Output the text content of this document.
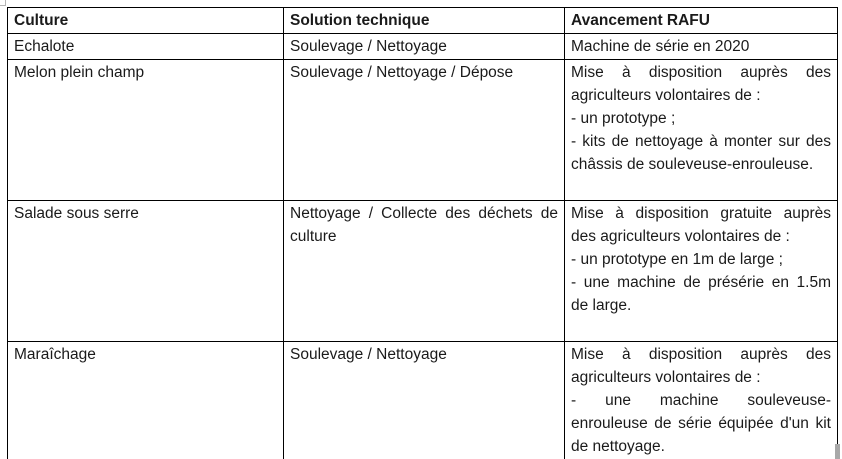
Culture	Solution technique	Avancement RAFU

Echalote	Soulevage / Nettoyage	Machine de série en 2020

Melon plein champ	Soulevage / Nettoyage / Dépose	Mise à disposition auprès des agriculteurs volontaires de :

- un prototype ;

- kits de nettoyage à monter sur des châssis de souleveuse-enrouleuse.

Salade sous serre	Nettoyage / Collecte des déchets de culture	Mise à disposition gratuite auprès des agriculteurs volontaires de :

- un prototype en 1m de large ;

- une machine de présérie en 1.5m de large.

Maraîchage	Soulevage / Nettoyage	Mise à disposition auprès des agriculteurs volontaires de :

- une machine souleveuse-enrouleuse de série équipée d'un kit de nettoyage.
